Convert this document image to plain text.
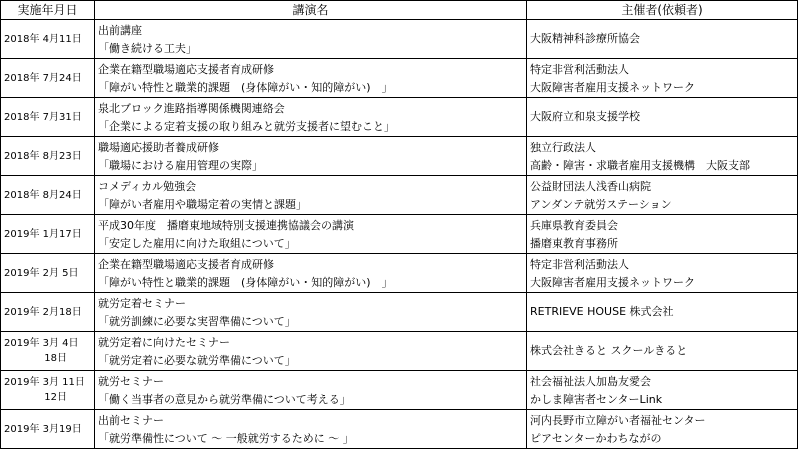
実施年月日	講演名	主催者(依頼者)
2018年 4月11日	出前講座
「働き続ける工夫」	大阪精神科診療所協会

2018年 7月24日	企業在籍型職場適応支援者育成研修
「障がい特性と職業的課題　(身体障がい・知的障がい)　」	特定非営利活動法人
大阪障害者雇用支援ネットワーク

2018年 7月31日	泉北ブロック進路指導関係機関連絡会
「企業による定着支援の取り組みと就労支援者に望むこと」	大阪府立和泉支援学校

2018年 8月23日	職場適応援助者養成研修
「職場における雇用管理の実際」	独立行政法人
高齢・障害・求職者雇用支援機構　大阪支部

2018年 8月24日	コメディカル勉強会
「障がい者雇用や職場定着の実情と課題」	公益財団法人浅香山病院
アンダンテ就労ステーション

2019年 1月17日	平成30年度　播磨東地域特別支援連携協議会の講演
「安定した雇用に向けた取組について」	兵庫県教育委員会
播磨東教育事務所

2019年 2月 5日	企業在籍型職場適応支援者育成研修
「障がい特性と職業的課題　(身体障がい・知的障がい)　」	特定非営利活動法人
大阪障害者雇用支援ネットワーク

2019年 2月18日	就労定着セミナー
「就労訓練に必要な実習準備について」	RETRIEVE HOUSE 株式会社

2019年 3月 4日
18日	就労定着に向けたセミナー
「就労定着に必要な就労準備について」	株式会社きると スクールきると

2019年 3月 11日
12日	就労セミナー
「働く当事者の意見から就労準備について考える」	社会福祉法人加島友愛会
かしま障害者センターLink

2019年 3月19日	出前セミナー
「就労準備性について 〜 一般就労するために 〜 」	河内長野市立障がい者福祉センター
ピアセンターかわちながの
